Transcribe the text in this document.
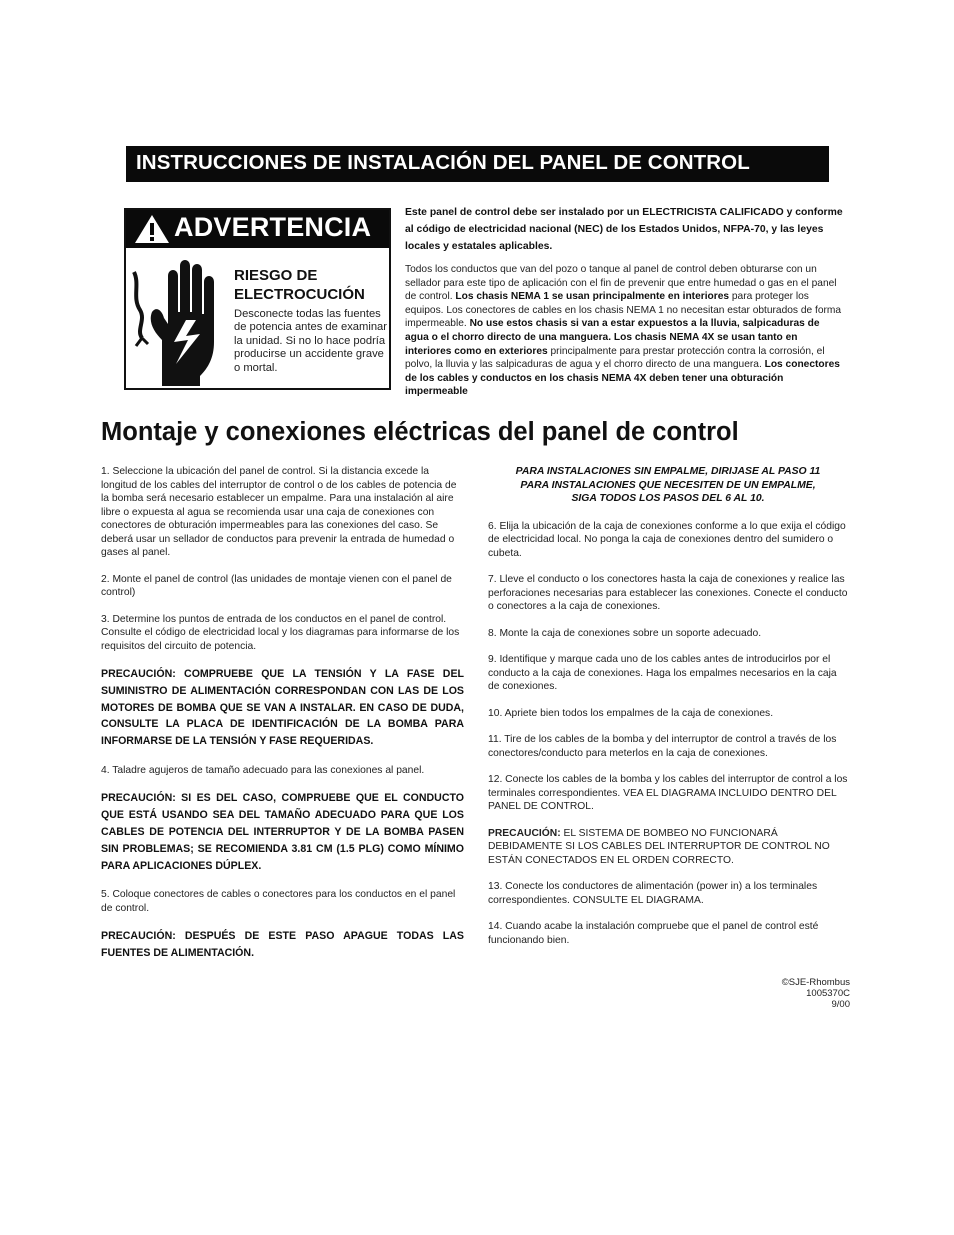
INSTRUCCIONES DE INSTALACIÓN DEL PANEL DE CONTROL
ADVERTENCIA
RIESGO DE
ELECTROCUCIÓN
Desconecte todas las fuentes de potencia antes de examinar la unidad. Si no lo hace podría producirse un accidente grave o mortal.

Este panel de control debe ser instalado por un ELECTRICISTA CALIFICADO y conforme al código de electricidad nacional (NEC) de los Estados Unidos, NFPA-70, y las leyes locales y estatales aplicables.

Todos los conductos que van del pozo o tanque al panel de control deben obturarse con un sellador para este tipo de aplicación con el fin de prevenir que entre humedad o gas en el panel de control. Los chasis NEMA 1 se usan principalmente en interiores para proteger los equipos. Los conectores de cables en los chasis NEMA 1 no necesitan estar obturados de forma impermeable. No use estos chasis si van a estar expuestos a la lluvia, salpicaduras de agua o el chorro directo de una manguera. Los chasis NEMA 4X se usan tanto en interiores como en exteriores principalmente para prestar protección contra la corrosión, el polvo, la lluvia y las salpicaduras de agua y el chorro directo de una manguera. Los conectores de los cables y conductos en los chasis NEMA 4X deben tener una obturación impermeable

Montaje y conexiones eléctricas del panel de control

1. Seleccione la ubicación del panel de control. Si la distancia excede la longitud de los cables del interruptor de control o de los cables de potencia de la bomba será necesario establecer un empalme. Para una instalación al aire libre o expuesta al agua se recomienda usar una caja de conexiones con conectores de obturación impermeables para las conexiones del caso. Se deberá usar un sellador de conductos para prevenir la entrada de humedad o gases al panel.

2. Monte el panel de control (las unidades de montaje vienen con el panel de control)

3. Determine los puntos de entrada de los conductos en el panel de control. Consulte el código de electricidad local y los diagramas para informarse de los requisitos del circuito de potencia.

PRECAUCIÓN: COMPRUEBE QUE LA TENSIÓN Y LA FASE DEL SUMINISTRO DE ALIMENTACIÓN CORRESPONDAN CON LAS DE LOS MOTORES DE BOMBA QUE SE VAN A INSTALAR. EN CASO DE DUDA, CONSULTE LA PLACA DE IDENTIFICACIÓN DE LA BOMBA PARA INFORMARSE DE LA TENSIÓN Y FASE REQUERIDAS.

4. Taladre agujeros de tamaño adecuado para las conexiones al panel.

PRECAUCIÓN: SI ES DEL CASO, COMPRUEBE QUE EL CONDUCTO QUE ESTÁ USANDO SEA DEL TAMAÑO ADECUADO PARA QUE LOS CABLES DE POTENCIA DEL INTERRUPTOR Y DE LA BOMBA PASEN SIN PROBLEMAS; SE RECOMIENDA 3.81 CM (1.5 PLG) COMO MÍNIMO PARA APLICACIONES DÚPLEX.

5. Coloque conectores de cables o conectores para los conductos en el panel de control.

PRECAUCIÓN: DESPUÉS DE ESTE PASO APAGUE TODAS LAS FUENTES DE ALIMENTACIÓN.

PARA INSTALACIONES SIN EMPALME, DIRIJASE AL PASO 11
PARA INSTALACIONES QUE NECESITEN DE UN EMPALME,
SIGA TODOS LOS PASOS DEL 6 AL 10.

6. Elija la ubicación de la caja de conexiones conforme a lo que exija el código de electricidad local. No ponga la caja de conexiones dentro del sumidero o cubeta.

7. Lleve el conducto o los conectores hasta la caja de conexiones y realice las perforaciones necesarias para establecer las conexiones. Conecte el conducto o conectores a la caja de conexiones.

8. Monte la caja de conexiones sobre un soporte adecuado.

9. Identifique y marque cada uno de los cables antes de introducirlos por el conducto a la caja de conexiones. Haga los empalmes necesarios en la caja de conexiones.

10. Apriete bien todos los empalmes de la caja de conexiones.

11. Tire de los cables de la bomba y del interruptor de control a través de los conectores/conducto para meterlos en la caja de conexiones.

12. Conecte los cables de la bomba y los cables del interruptor de control a los terminales correspondientes. VEA EL DIAGRAMA INCLUIDO DENTRO DEL PANEL DE CONTROL.

PRECAUCIÓN: EL SISTEMA DE BOMBEO NO FUNCIONARÁ DEBIDAMENTE SI LOS CABLES DEL INTERRUPTOR DE CONTROL NO ESTÁN CONECTADOS EN EL ORDEN CORRECTO.

13. Conecte los conductores de alimentación (power in) a los terminales correspondientes. CONSULTE EL DIAGRAMA.

14. Cuando acabe la instalación compruebe que el panel de control esté funcionando bien.

©SJE-Rhombus
1005370C
9/00
